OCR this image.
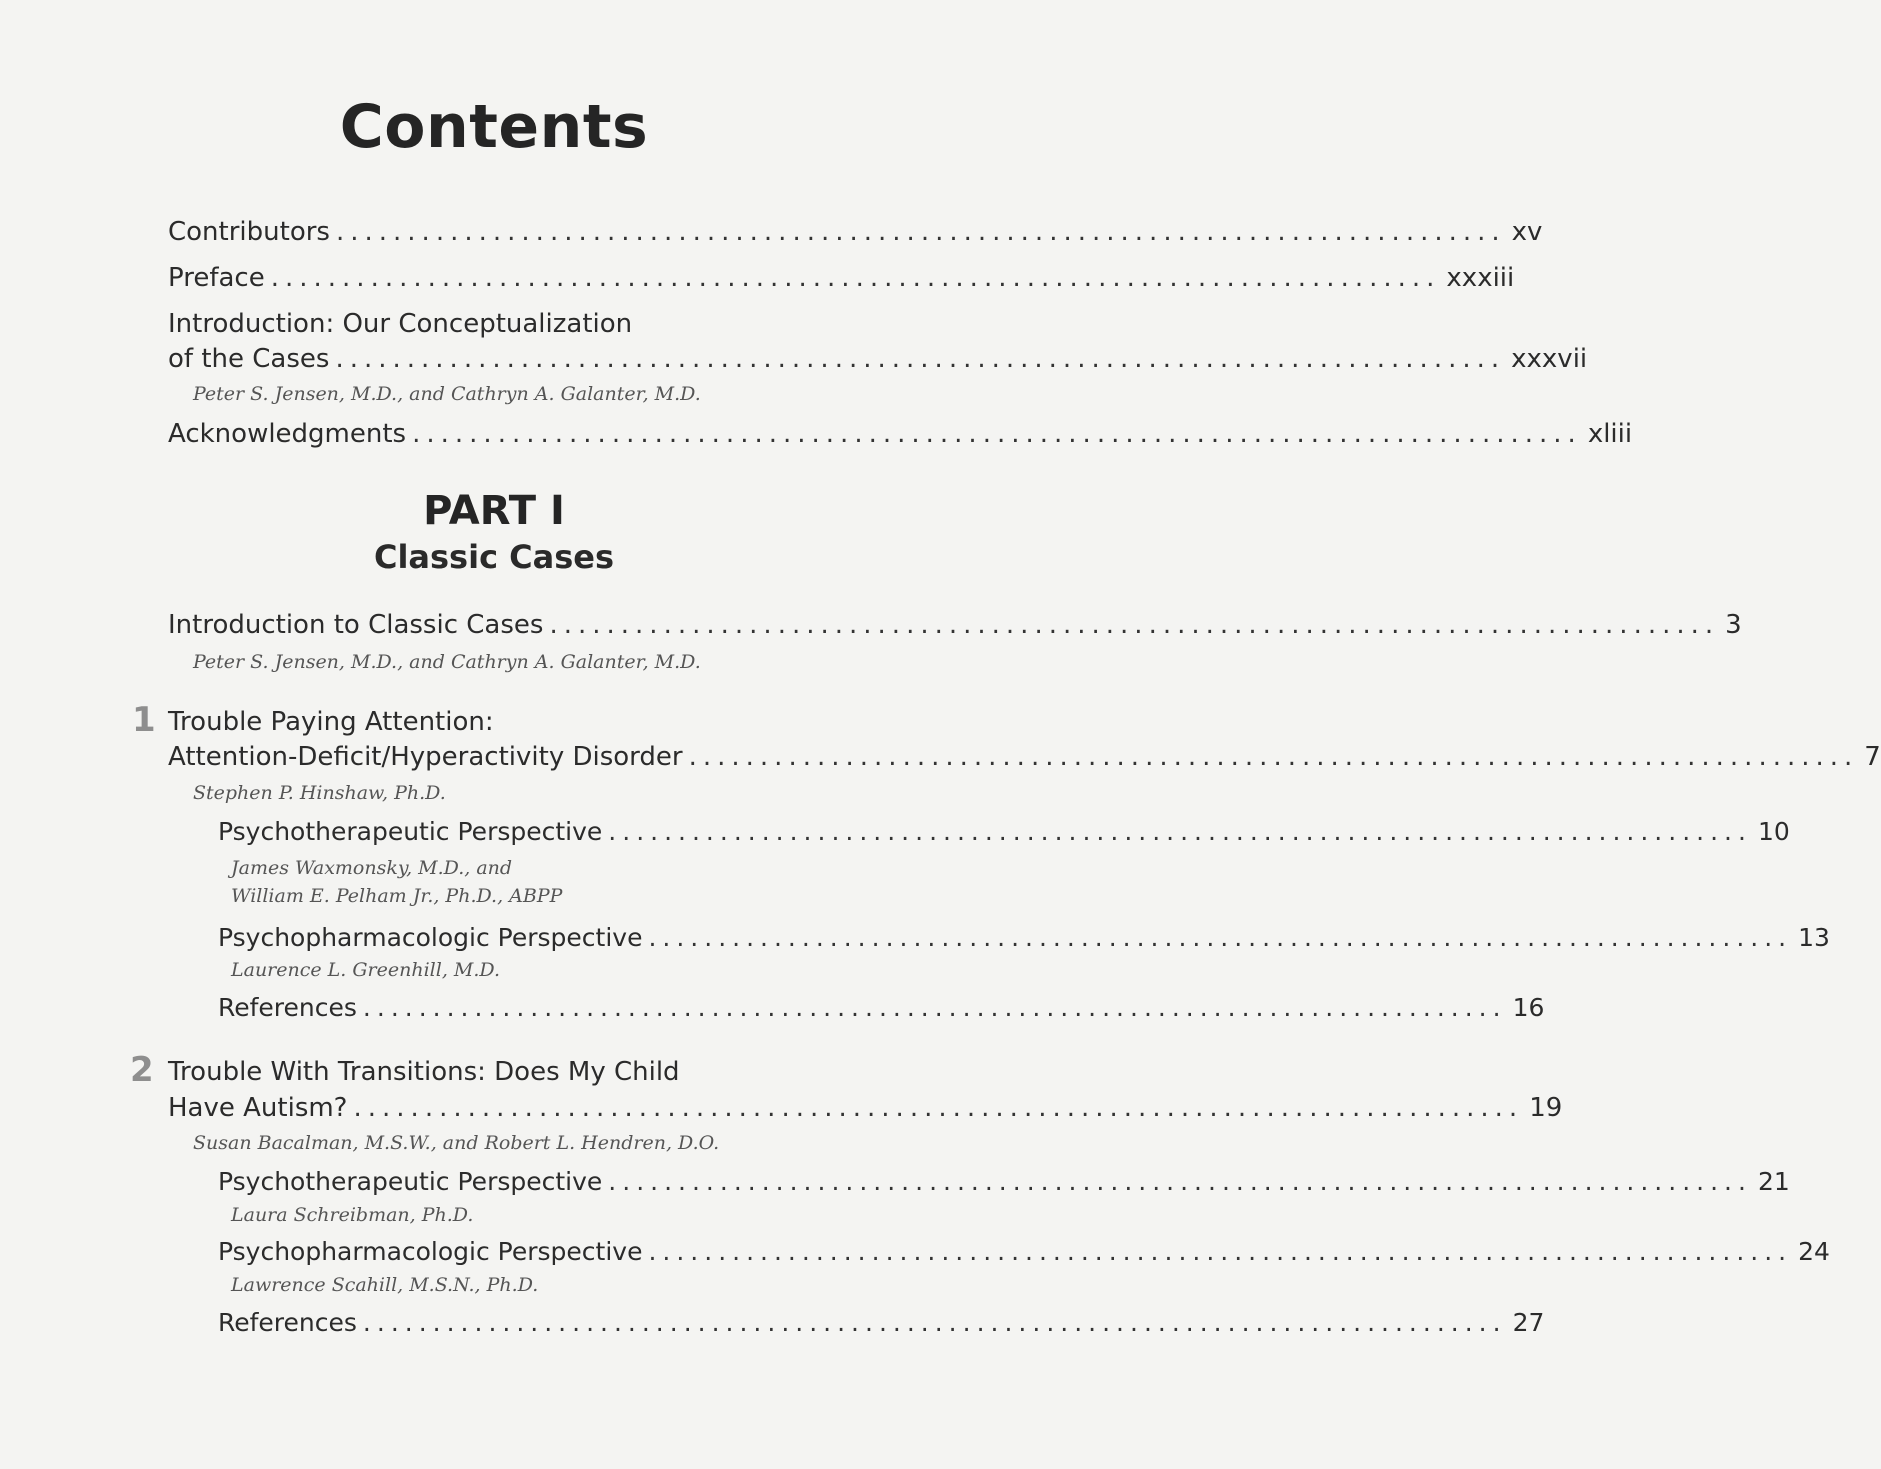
Contents
Contributors .................................................................................. xv
Preface .................................................................................. xxxiii
Introduction: Our Conceptualization
of the Cases .................................................................................. xxxvii
Peter S. Jensen, M.D., and Cathryn A. Galanter, M.D.
Acknowledgments .................................................................................. xliii
PART I
Classic Cases
Introduction to Classic Cases .................................................................................. 3
Peter S. Jensen, M.D., and Cathryn A. Galanter, M.D.
1 Trouble Paying Attention:
Attention-Deficit/Hyperactivity Disorder .................................................................................. 7
Stephen P. Hinshaw, Ph.D.
Psychotherapeutic Perspective .................................................................................. 10
James Waxmonsky, M.D., and
William E. Pelham Jr., Ph.D., ABPP
Psychopharmacologic Perspective .................................................................................. 13
Laurence L. Greenhill, M.D.
References .................................................................................. 16
2 Trouble With Transitions: Does My Child
Have Autism? .................................................................................. 19
Susan Bacalman, M.S.W., and Robert L. Hendren, D.O.
Psychotherapeutic Perspective .................................................................................. 21
Laura Schreibman, Ph.D.
Psychopharmacologic Perspective .................................................................................. 24
Lawrence Scahill, M.S.N., Ph.D.
References .................................................................................. 27
